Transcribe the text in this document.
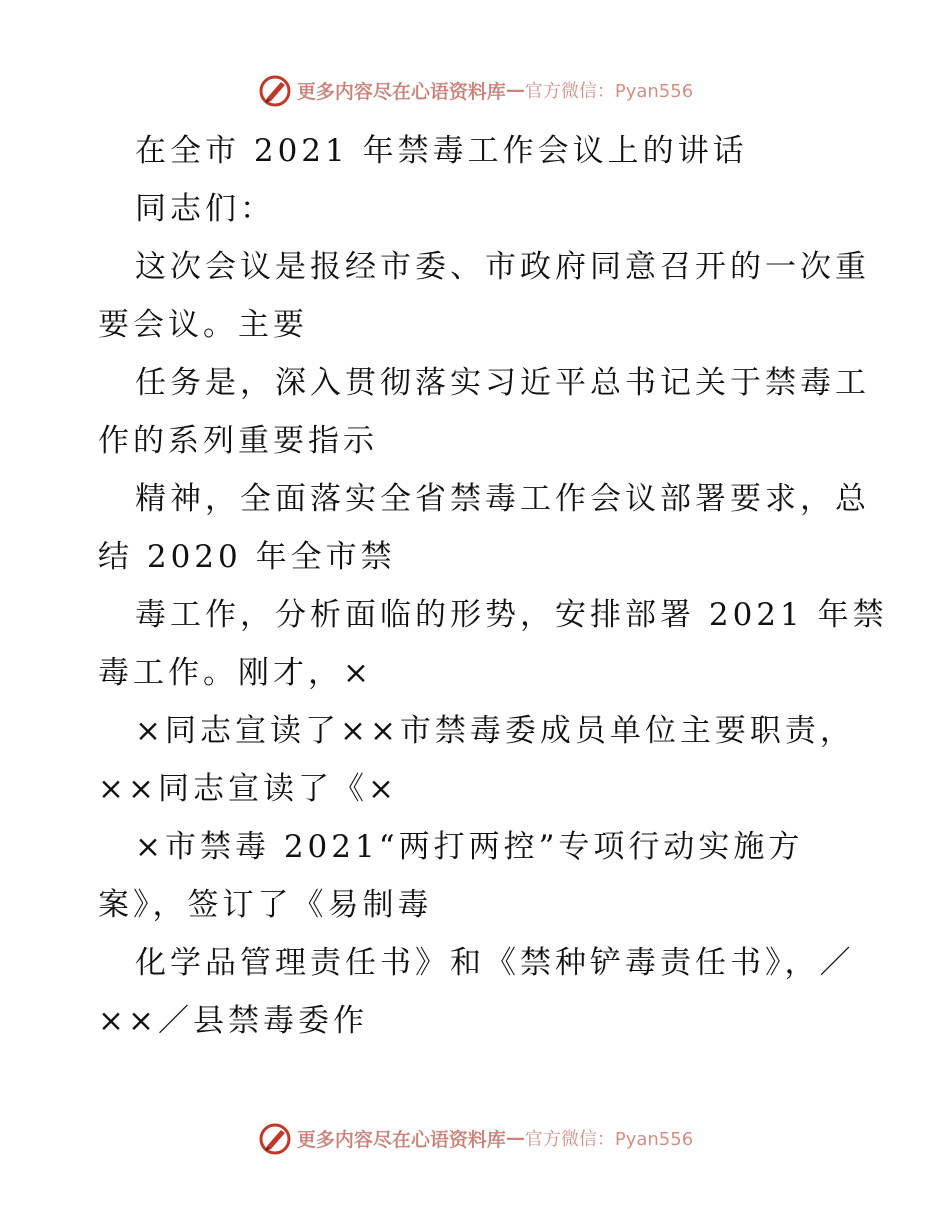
更多内容尽在心语资料库 — 官方微信：Pyan556
在全市 2021 年禁毒工作会议上的讲话
同志们：
这次会议是报经市委、市政府同意召开的一次重
要会议。主要
任务是，深入贯彻落实习近平总书记关于禁毒工
作的系列重要指示
精神，全面落实全省禁毒工作会议部署要求，总
结 2020 年全市禁
毒工作，分析面临的形势，安排部署 2021 年禁
毒工作。刚才，×
×同志宣读了××市禁毒委成员单位主要职责，
××同志宣读了《×
×市禁毒 2021“两打两控”专项行动实施方
案》，签订了《易制毒
化学品管理责任书》和《禁种铲毒责任书》，／
××／县禁毒委作
更多内容尽在心语资料库 — 官方微信：Pyan556
